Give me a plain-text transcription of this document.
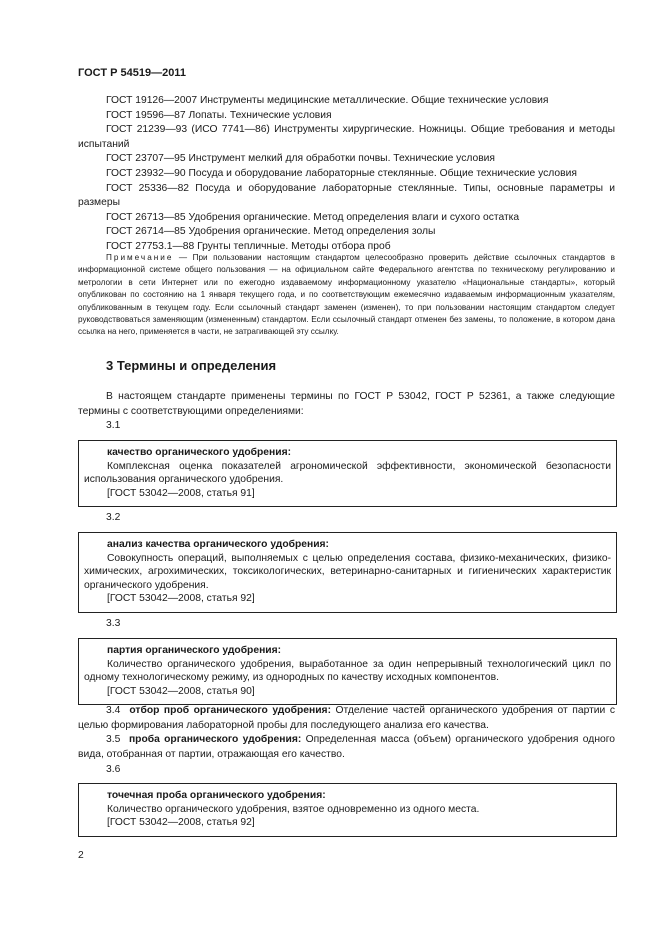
ГОСТ Р 54519—2011

ГОСТ 19126—2007 Инструменты медицинские металлические. Общие технические условия

ГОСТ 19596—87 Лопаты. Технические условия

ГОСТ 21239—93 (ИСО 7741—86) Инструменты хирургические. Ножницы. Общие требования и методы испытаний

ГОСТ 23707—95 Инструмент мелкий для обработки почвы. Технические условия

ГОСТ 23932—90 Посуда и оборудование лабораторные стеклянные. Общие технические условия

ГОСТ 25336—82 Посуда и оборудование лабораторные стеклянные. Типы, основные параметры и размеры

ГОСТ 26713—85 Удобрения органические. Метод определения влаги и сухого остатка

ГОСТ 26714—85 Удобрения органические. Метод определения золы

ГОСТ 27753.1—88 Грунты тепличные. Методы отбора проб

Примечание — При пользовании настоящим стандартом целесообразно проверить действие ссылочных стандартов в информационной системе общего пользования — на официальном сайте Федерального агентства по техническому регулированию и метрологии в сети Интернет или по ежегодно издаваемому информационному указателю «Национальные стандарты», который опубликован по состоянию на 1 января текущего года, и по соответствующим ежемесячно издаваемым информационным указателям, опубликованным в текущем году. Если ссылочный стандарт заменен (изменен), то при пользовании настоящим стандартом следует руководствоваться заменяющим (измененным) стандартом. Если ссылочный стандарт отменен без замены, то положение, в котором дана ссылка на него, применяется в части, не затрагивающей эту ссылку.

3 Термины и определения

В настоящем стандарте применены термины по ГОСТ Р 53042, ГОСТ Р 52361, а также следующие термины с соответствующими определениями:

3.1

качество органического удобрения:

Комплексная оценка показателей агрономической эффективности, экономической безопасности использования органического удобрения.

[ГОСТ 53042—2008, статья 91]

3.2

анализ качества органического удобрения:

Совокупность операций, выполняемых с целью определения состава, физико-механических, физико-химических, агрохимических, токсикологических, ветеринарно-санитарных и гигиенических характеристик органического удобрения.

[ГОСТ 53042—2008, статья 92]

3.3

партия органического удобрения:

Количество органического удобрения, выработанное за один непрерывный технологический цикл по одному технологическому режиму, из однородных по качеству исходных компонентов.

[ГОСТ 53042—2008, статья 90]

3.4 отбор проб органического удобрения: Отделение частей органического удобрения от партии с целью формирования лабораторной пробы для последующего анализа его качества.

3.5 проба органического удобрения: Определенная масса (объем) органического удобрения одного вида, отобранная от партии, отражающая его качество.

3.6

точечная проба органического удобрения:

Количество органического удобрения, взятое одновременно из одного места.

[ГОСТ 53042—2008, статья 92]

2
